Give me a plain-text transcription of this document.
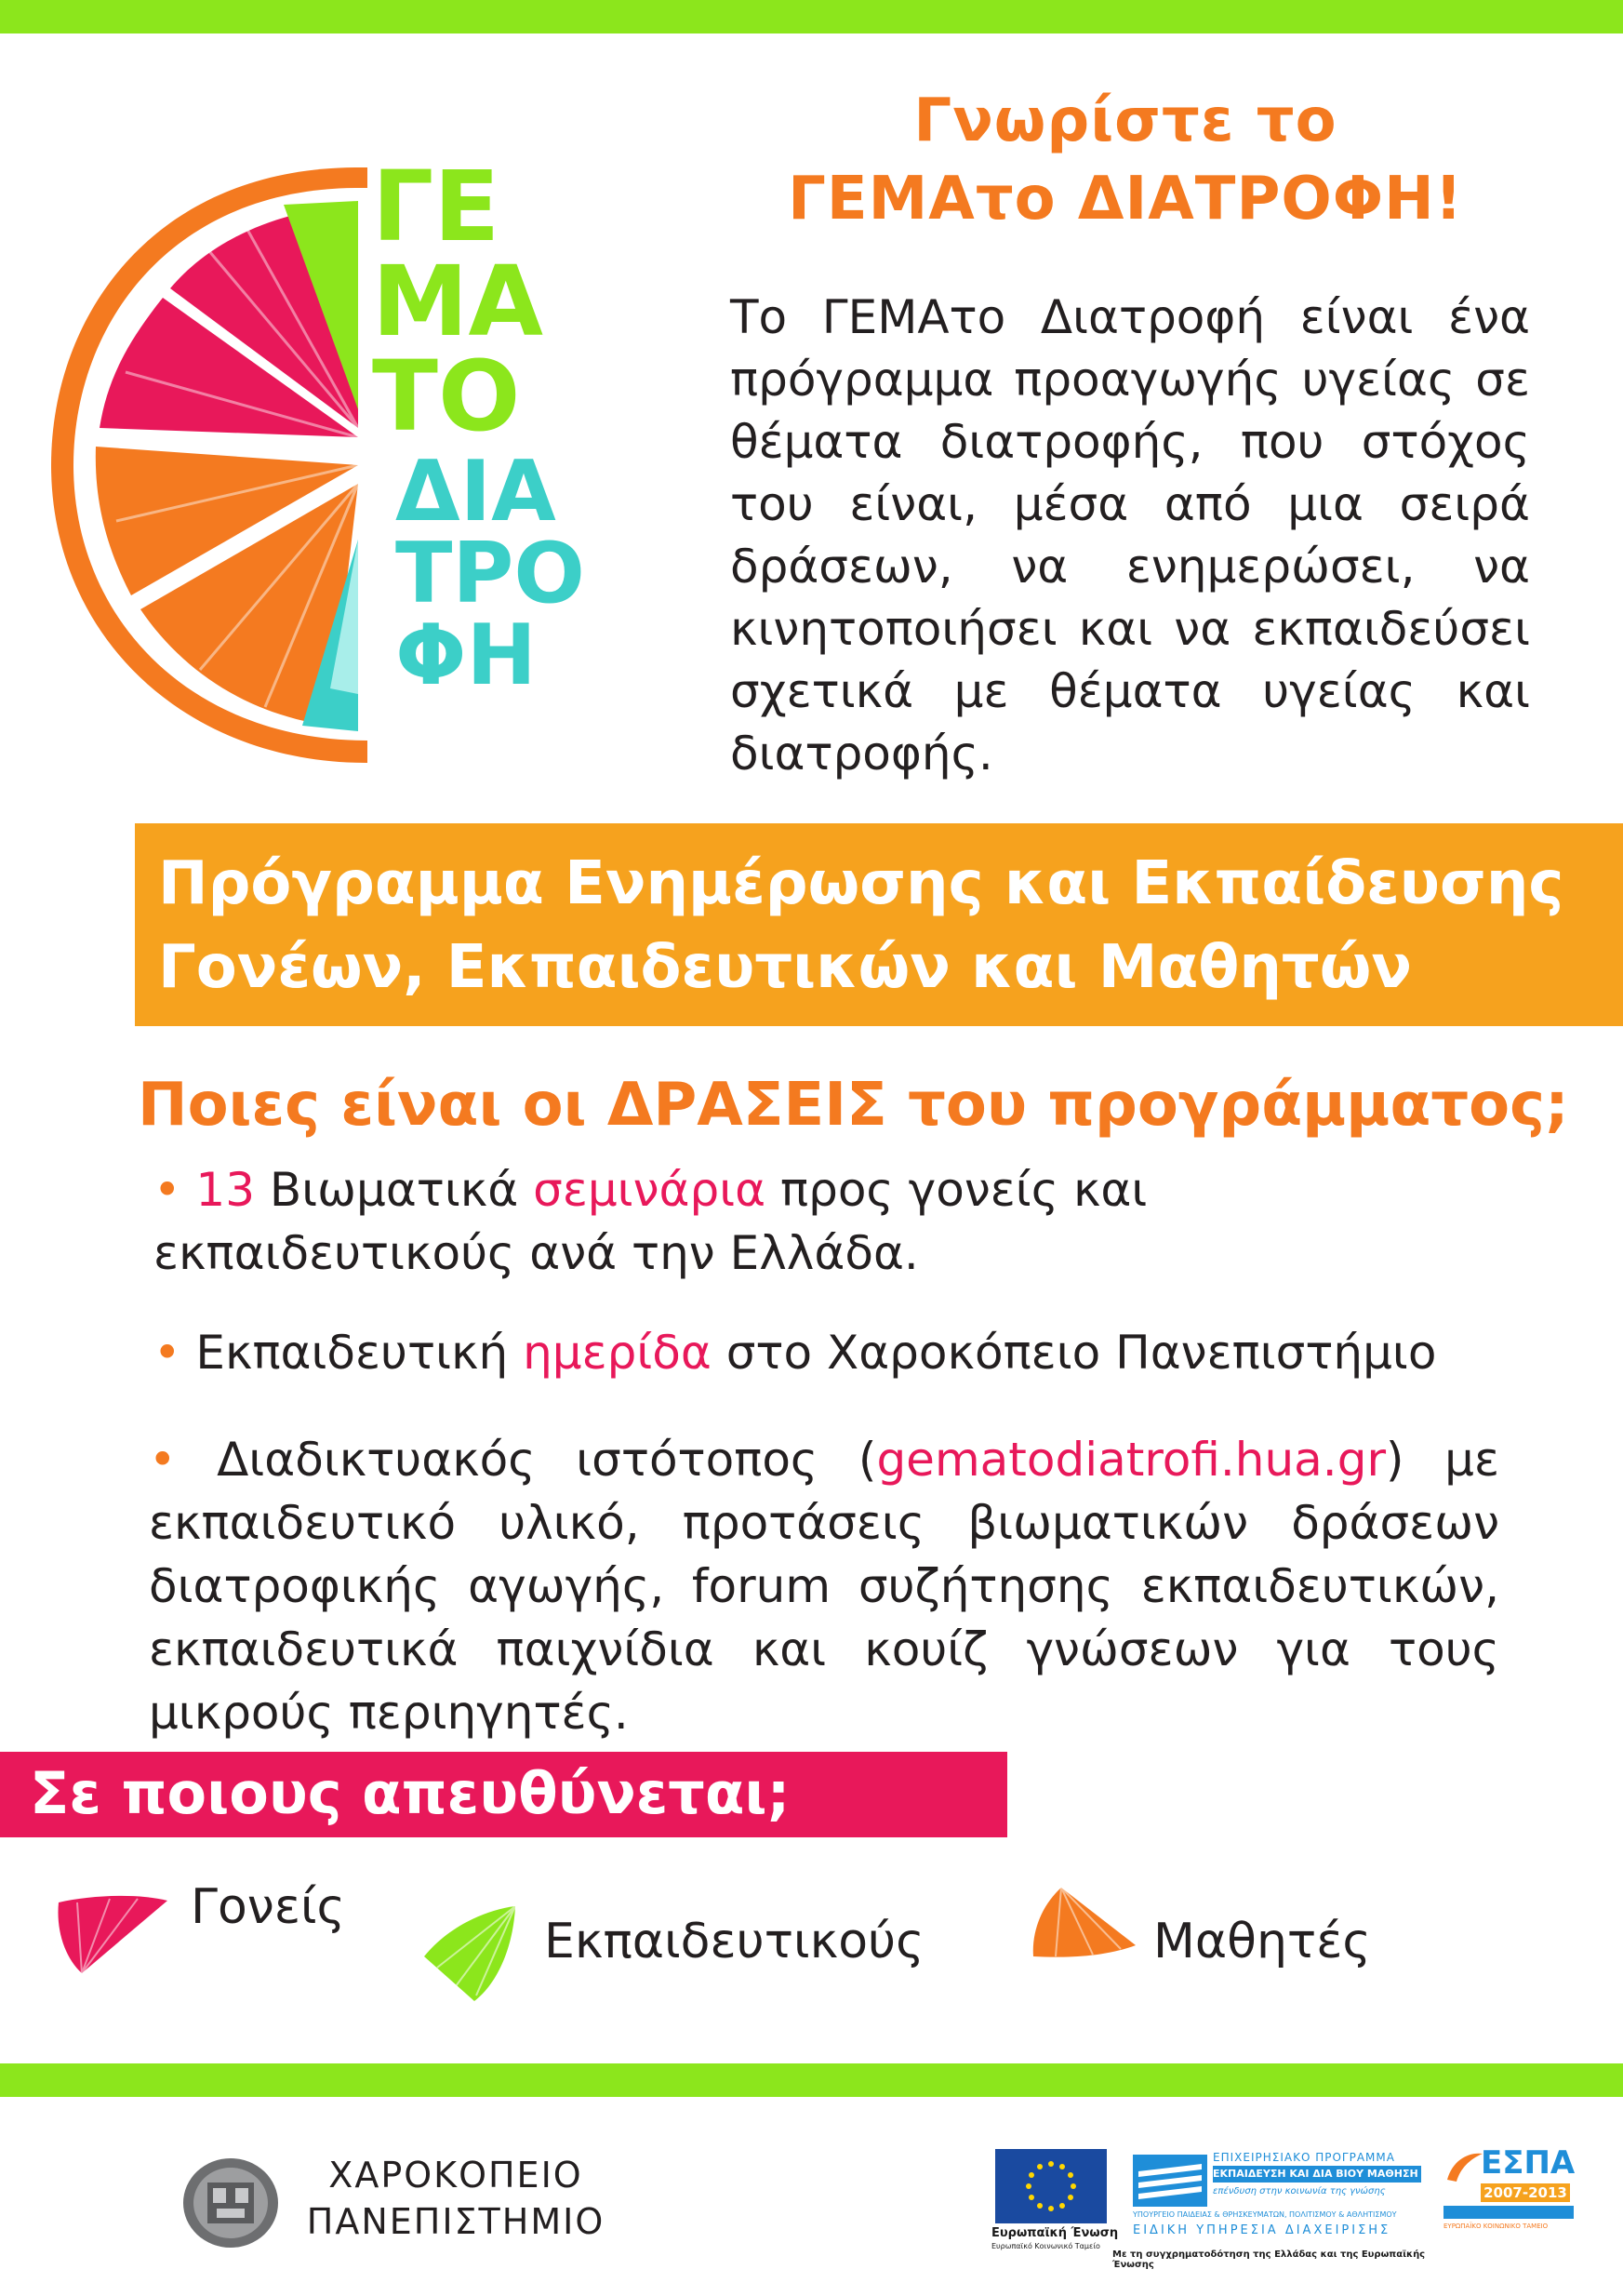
ΓΕ
ΜΑ
ΤΟ
ΔΙΑ
ΤΡΟ
ΦΗ
Γνωρίστε το
ΓΕΜΑτο ΔΙΑΤΡΟΦΗ!
Το ΓΕΜΑτο Διατροφή είναι ένα πρόγραμμα προαγωγής υγείας σε θέματα διατροφής, που στόχος του είναι, μέσα από μια σειρά δράσεων, να ενημερώσει, να κινητοποιήσει και να εκπαιδεύσει σχετικά με θέματα υγείας και διατροφής.
Πρόγραμμα Ενημέρωσης και Εκπαίδευσης
Γονέων, Εκπαιδευτικών και Μαθητών
Ποιες είναι οι ΔΡΑΣΕΙΣ του προγράμματος;
• 13 Βιωματικά σεμινάρια προς γονείς και εκπαιδευτικούς ανά την Ελλάδα.
• Εκπαιδευτική ημερίδα στο Χαροκόπειο Πανεπιστήμιο
• Διαδικτυακός ιστότοπος (gematodiatrofi.hua.gr) με εκπαιδευτικό υλικό, προτάσεις βιωματικών δράσεων διατροφικής αγωγής, forum συζήτησης εκπαιδευτικών, εκπαιδευτικά παιχνίδια και κουίζ γνώσεων για τους μικρούς περιηγητές.
Σε ποιους απευθύνεται;
Γονείς
Εκπαιδευτικούς	Μαθητές
ΧΑΡΟΚΟΠΕΙΟ
ΠΑΝΕΠΙΣΤΗΜΙΟ	Ευρωπαϊκή Ένωση
Ευρωπαϊκό Κοινωνικό Ταμείο
ΕΠΙΧΕΙΡΗΣΙΑΚΟ ΠΡΟΓΡΑΜΜΑ
ΕΚΠΑΙΔΕΥΣΗ ΚΑΙ ΔΙΑ ΒΙΟΥ ΜΑΘΗΣΗ
επένδυση στην κοινωνία της γνώσης
ΥΠΟΥΡΓΕΙΟ ΠΑΙΔΕΙΑΣ & ΘΡΗΣΚΕΥΜΑΤΩΝ, ΠΟΛΙΤΙΣΜΟΥ & ΑΘΛΗΤΙΣΜΟΥ
ΕΙΔΙΚΗ ΥΠΗΡΕΣΙΑ ΔΙΑΧΕΙΡΙΣΗΣ
Με τη συγχρηματοδότηση της Ελλάδας και της Ευρωπαϊκής Ένωσης
ΕΣΠΑ
2007-2013
ΕΥΡΩΠΑΪΚΟ ΚΟΙΝΩΝΙΚΟ ΤΑΜΕΙΟ
